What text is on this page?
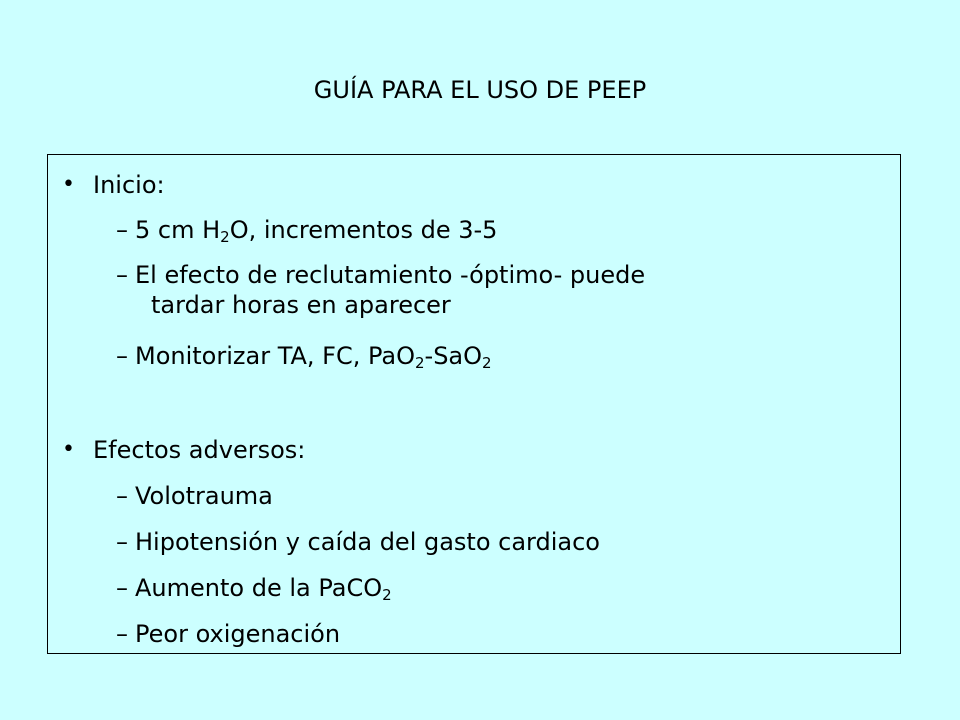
GUÍA PARA EL USO DE PEEP
• Inicio:
– 5 cm $H_2O$, incrementos de 3-5
– El efecto de reclutamiento -óptimo- puede
tardar horas en aparecer
– Monitorizar TA, FC, PaO$_2$-SaO$_2$
• Efectos adversos:
– Volotrauma
– Hipotensión y caída del gasto cardiaco
– Aumento de la PaCO$_2$
– Peor oxigenación
